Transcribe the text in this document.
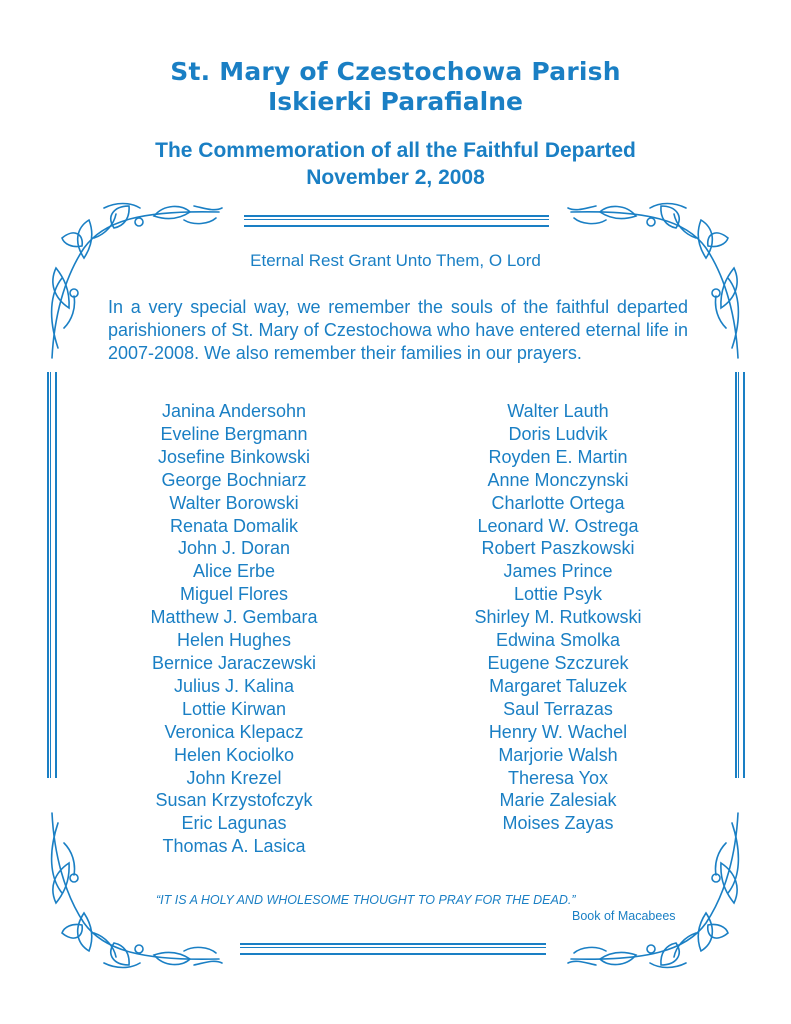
St. Mary of Czestochowa Parish
Iskierki Parafialne
The Commemoration of all the Faithful Departed
November 2, 2008
Eternal Rest Grant Unto Them, O Lord
In a very special way, we remember the souls of the faithful departed parishioners of St. Mary of Czestochowa who have entered eternal life in 2007-2008. We also remember their families in our prayers.
Janina Andersohn
Eveline Bergmann
Josefine Binkowski
George Bochniarz
Walter Borowski
Renata Domalik
John J. Doran
Alice Erbe
Miguel Flores
Matthew J. Gembara
Helen Hughes
Bernice Jaraczewski
Julius J. Kalina
Lottie Kirwan
Veronica Klepacz
Helen Kociolko
John Krezel
Susan Krzystofczyk
Eric Lagunas
Thomas A. Lasica
Walter Lauth
Doris Ludvik
Royden E. Martin
Anne Monczynski
Charlotte Ortega
Leonard W. Ostrega
Robert Paszkowski
James Prince
Lottie Psyk
Shirley M. Rutkowski
Edwina Smolka
Eugene Szczurek
Margaret Taluzek
Saul Terrazas
Henry W. Wachel
Marjorie Walsh
Theresa Yox
Marie Zalesiak
Moises Zayas
“IT IS A HOLY AND WHOLESOME THOUGHT TO PRAY FOR THE DEAD.”
Book of Macabees
